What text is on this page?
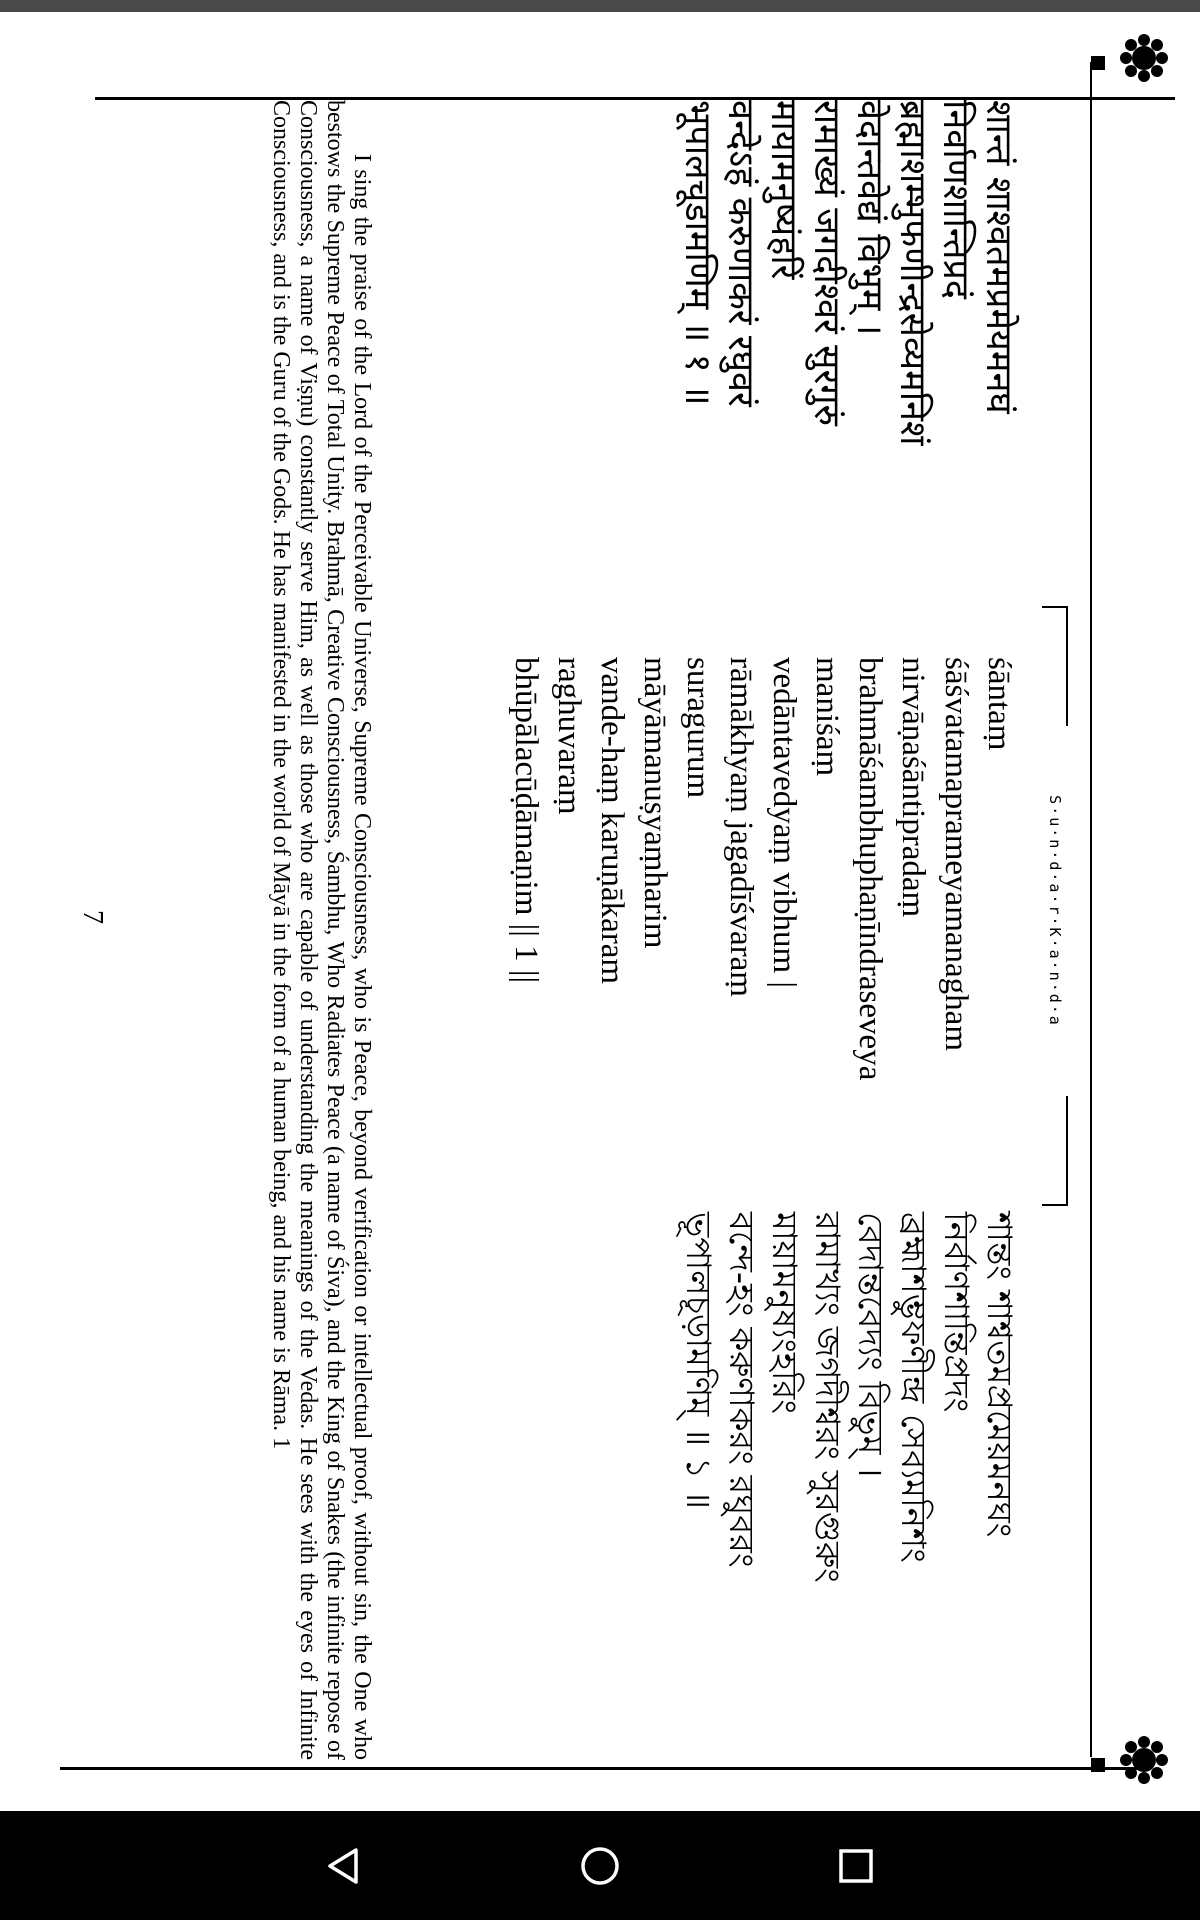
S·u·n·d·a·r·K·a·n·d·a
शान्तं शाश्वतमप्रमेयमनघं
निर्वाणशान्तिप्रदं
ब्रह्माशम्भुफणीन्द्रसेव्यमनिशं
वेदान्तवेद्यं विभुम् ।
रामाख्यं जगदीश्वरं सुरगुरुं
मायामनुष्यंहरिं
वन्देऽहं करुणाकरं रघुवरं
भूपालचूडामणिम् ॥ १ ॥
śāntaṃ
śāśvatamaprameyamanagham
nirvāṇaśāntipradaṃ
brahmāśambhuphaṇīndraseveya
maniśaṃ
vedāntavedyaṃ vibhum |
rāmākhyaṃ jagadīśvaraṃ
suragurum
māyāmanuṣyaṃharim
vande-haṃ karuṇākaram
raghuvaraṃ
bhūpālacūḍāmaṇim || 1 ||
শান্তং শাশ্বতমপ্রমেয়মনঘং
নির্বাণশান্তিপ্রদং
ব্রহ্মাশম্ভুফণীন্দ্র সেব্যমনিশং
বেদান্তবেদ্যং বিভুম্ ।
রামাখ্যং জগদীশ্বরং সুরগুরুং
মায়ামনুষ্যংহরিং
বন্দে-হং করুণাকরং রঘুবরং
ভূপালচূড়ামণিম্ ॥ ১ ॥
I sing the praise of the Lord of the Perceivable Universe, Supreme Consciousness, who is Peace, beyond verification or intellectual proof, without sin, the One who bestows the Supreme Peace of Total Unity. Brahmā, Creative Consciousness, Śambhu, Who Radiates Peace (a name of Śiva), and the King of Snakes (the infinite repose of Consciousness, a name of Viṣṇu) constantly serve Him, as well as those who are capable of understanding the meanings of the Vedas. He sees with the eyes of Infinite Consciousness, and is the Guru of the Gods. He has manifested in the world of Māyā in the form of a human being, and his name is Rāma. 1
7
